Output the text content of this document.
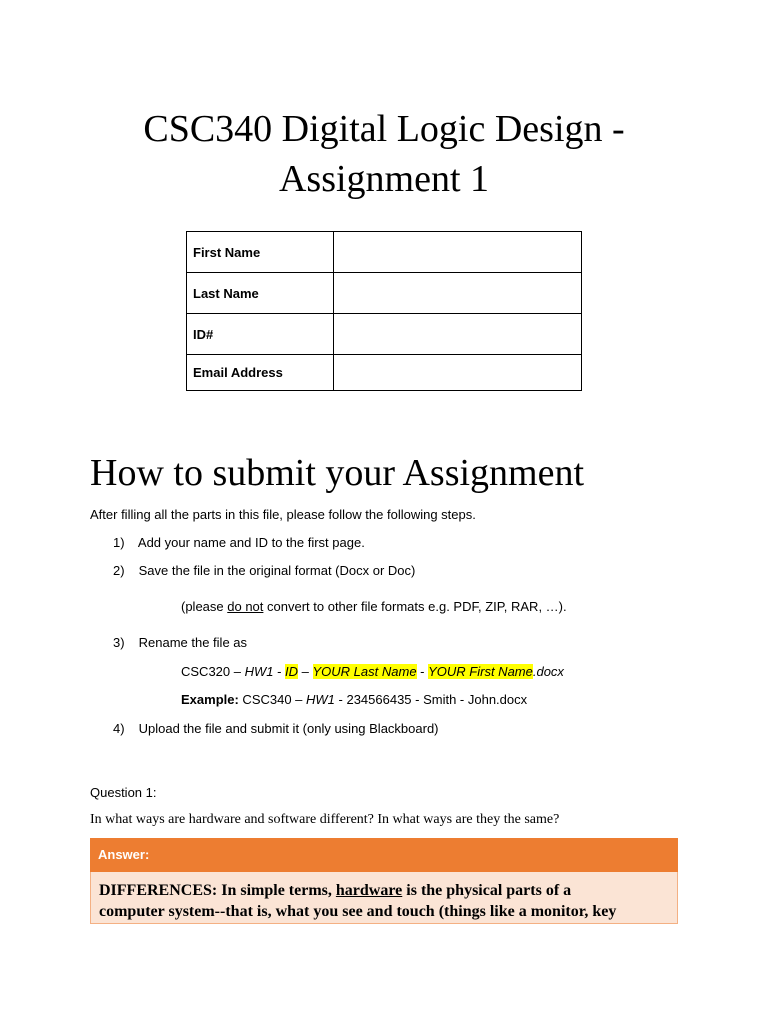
CSC340 Digital Logic Design -
Assignment 1
First Name	
Last Name	
ID#	
Email Address	
How to submit your Assignment
After filling all the parts in this file, please follow the following steps.
1) Add your name and ID to the first page.
2) Save the file in the original format (Docx or Doc)
(please do not convert to other file formats e.g. PDF, ZIP, RAR, …).
3) Rename the file as
CSC320 – HW1 - ID – YOUR Last Name - YOUR First Name.docx
Example: CSC340 – HW1 - 234566435 - Smith - John.docx
4) Upload the file and submit it (only using Blackboard)
Question 1:
In what ways are hardware and software different? In what ways are they the same?
Answer:
DIFFERENCES: In simple terms, hardware is the physical parts of a
computer system--that is, what you see and touch (things like a monitor, key
